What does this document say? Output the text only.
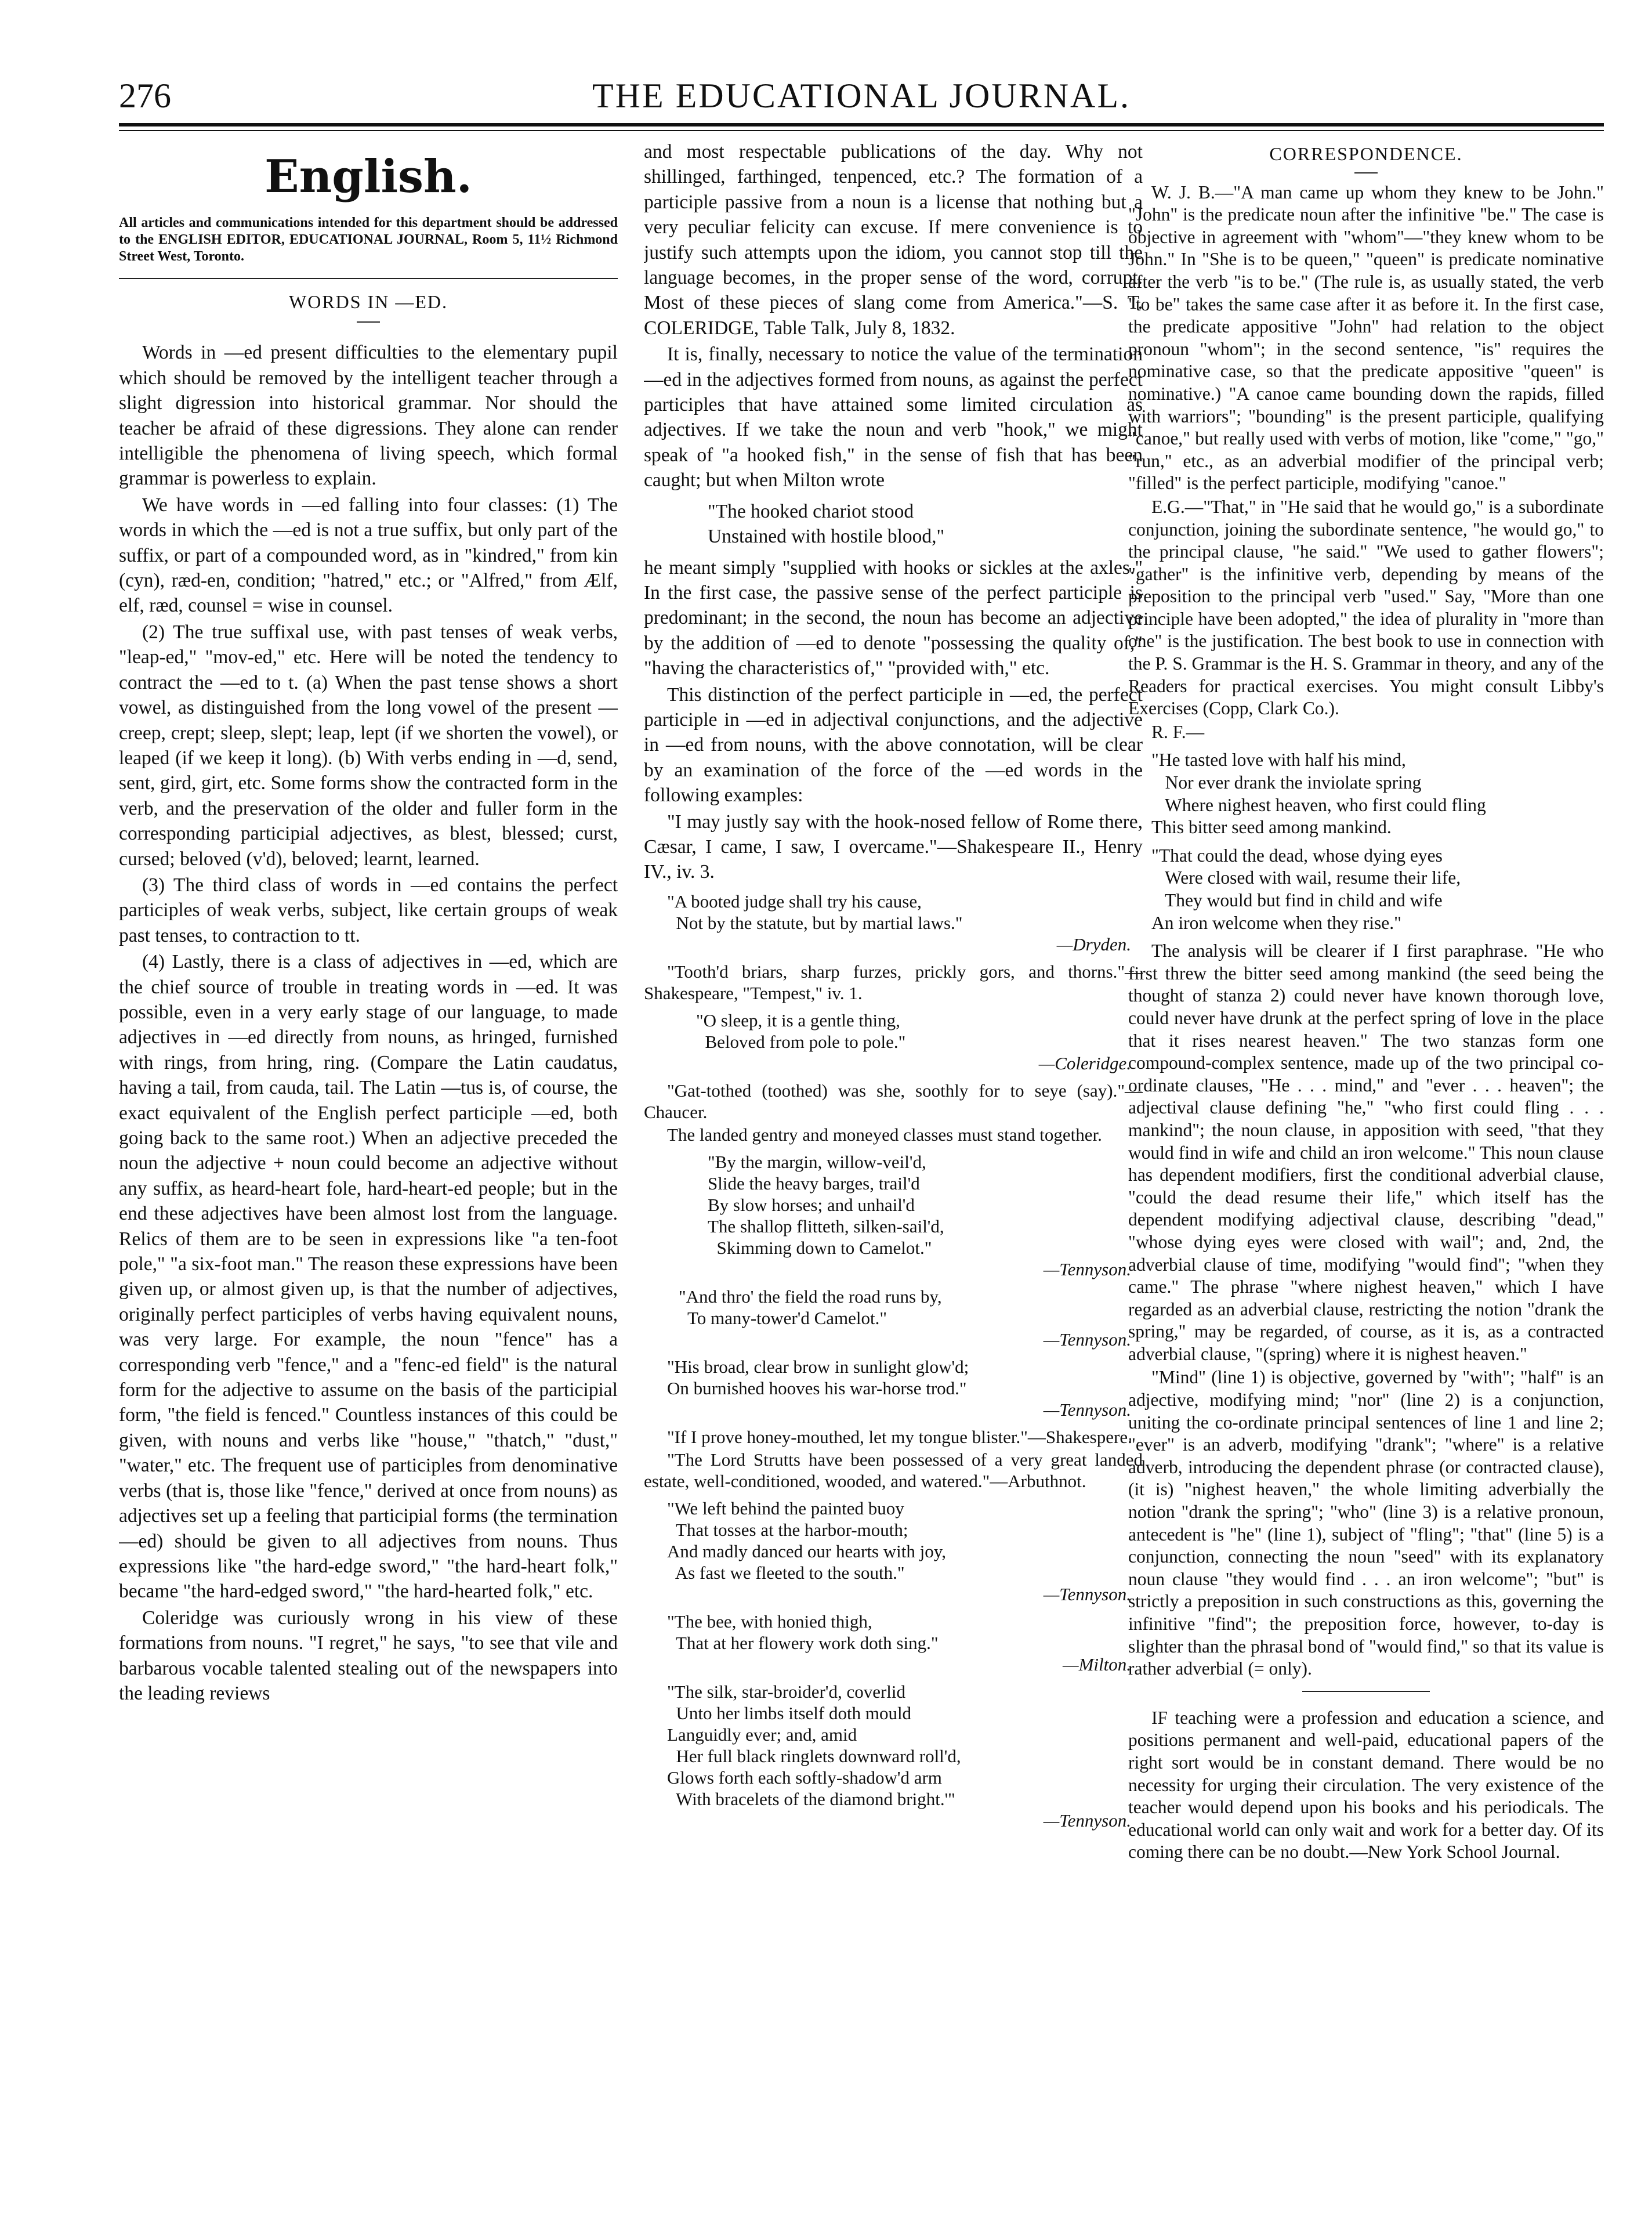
276	THE EDUCATIONAL JOURNAL.
English.

All articles and communications intended for this department should be addressed to the ENGLISH EDITOR, EDUCATIONAL JOURNAL, Room 5, 11½ Richmond Street West, Toronto.

WORDS IN —ED.

Words in —ed present difficulties to the elementary pupil which should be removed by the intelligent teacher through a slight digression into historical grammar. Nor should the teacher be afraid of these digressions. They alone can render intelligible the phenomena of living speech, which formal grammar is powerless to explain.

We have words in —ed falling into four classes: (1) The words in which the —ed is not a true suffix, but only part of the suffix, or part of a compounded word, as in "kindred," from kin (cyn), ræd-en, condition; "hatred," etc.; or "Alfred," from Ælf, elf, ræd, counsel = wise in counsel.

(2) The true suffixal use, with past tenses of weak verbs, "leap-ed," "mov-ed," etc. Here will be noted the tendency to contract the —ed to t. (a) When the past tense shows a short vowel, as distinguished from the long vowel of the present —creep, crept; sleep, slept; leap, lept (if we shorten the vowel), or leaped (if we keep it long). (b) With verbs ending in —d, send, sent, gird, girt, etc. Some forms show the contracted form in the verb, and the preservation of the older and fuller form in the corresponding participial adjectives, as blest, blessed; curst, cursed; beloved (v'd), beloved; learnt, learned.

(3) The third class of words in —ed contains the perfect participles of weak verbs, subject, like certain groups of weak past tenses, to contraction to tt.

(4) Lastly, there is a class of adjectives in —ed, which are the chief source of trouble in treating words in —ed. It was possible, even in a very early stage of our language, to made adjectives in —ed directly from nouns, as hringed, furnished with rings, from hring, ring. (Compare the Latin caudatus, having a tail, from cauda, tail. The Latin —tus is, of course, the exact equivalent of the English perfect participle —ed, both going back to the same root.) When an adjective preceded the noun the adjective + noun could become an adjective without any suffix, as heard-heart fole, hard-heart-ed people; but in the end these adjectives have been almost lost from the language. Relics of them are to be seen in expressions like "a ten-foot pole," "a six-foot man." The reason these expressions have been given up, or almost given up, is that the number of adjectives, originally perfect participles of verbs having equivalent nouns, was very large. For example, the noun "fence" has a corresponding verb "fence," and a "fenc-ed field" is the natural form for the adjective to assume on the basis of the participial form, "the field is fenced." Countless instances of this could be given, with nouns and verbs like "house," "thatch," "dust," "water," etc. The frequent use of participles from denominative verbs (that is, those like "fence," derived at once from nouns) as adjectives set up a feeling that participial forms (the termination —ed) should be given to all adjectives from nouns. Thus expressions like "the hard-edge sword," "the hard-heart folk," became "the hard-edged sword," "the hard-hearted folk," etc.

Coleridge was curiously wrong in his view of these formations from nouns. "I regret," he says, "to see that vile and barbarous vocable talented stealing out of the newspapers into the leading reviews

and most respectable publications of the day. Why not shillinged, farthinged, tenpenced, etc.? The formation of a participle passive from a noun is a license that nothing but a very peculiar felicity can excuse. If mere convenience is to justify such attempts upon the idiom, you cannot stop till the language becomes, in the proper sense of the word, corrupt. Most of these pieces of slang come from America."—S. T. COLERIDGE, Table Talk, July 8, 1832.

It is, finally, necessary to notice the value of the termination —ed in the adjectives formed from nouns, as against the perfect participles that have attained some limited circulation as adjectives. If we take the noun and verb "hook," we might speak of "a hooked fish," in the sense of fish that has been caught; but when Milton wrote

"The hooked chariot stood
Unstained with hostile blood,"

he meant simply "supplied with hooks or sickles at the axles." In the first case, the passive sense of the perfect participle is predominant; in the second, the noun has become an adjective by the addition of —ed to denote "possessing the quality of," "having the characteristics of," "provided with," etc.

This distinction of the perfect participle in —ed, the perfect participle in —ed in adjectival conjunctions, and the adjective in —ed from nouns, with the above connotation, will be clear by an examination of the force of the —ed words in the following examples:

"I may justly say with the hook-nosed fellow of Rome there, Cæsar, I came, I saw, I overcame."—Shakespeare II., Henry IV., iv. 3.

"A booted judge shall try his cause,
Not by the statute, but by martial laws."
—Dryden.

"Tooth'd briars, sharp furzes, prickly gors, and thorns."—Shakespeare, "Tempest," iv. 1.

"O sleep, it is a gentle thing,
Beloved from pole to pole."
—Coleridge.

"Gat-tothed (toothed) was she, soothly for to seye (say)."—Chaucer.

The landed gentry and moneyed classes must stand together.

"By the margin, willow-veil'd,
Slide the heavy barges, trail'd
By slow horses; and unhail'd
The shallop flitteth, silken-sail'd,
Skimming down to Camelot."
—Tennyson.
"And thro' the field the road runs by,
To many-tower'd Camelot."
—Tennyson.
"His broad, clear brow in sunlight glow'd;
On burnished hooves his war-horse trod."
—Tennyson.

"If I prove honey-mouthed, let my tongue blister."—Shakespere.

"The Lord Strutts have been possessed of a very great landed estate, well-conditioned, wooded, and watered."—Arbuthnot.

"We left behind the painted buoy
That tosses at the harbor-mouth;
And madly danced our hearts with joy,
As fast we fleeted to the south."
—Tennyson.
"The bee, with honied thigh,
That at her flowery work doth sing."
—Milton.
"The silk, star-broider'd, coverlid
Unto her limbs itself doth mould
Languidly ever; and, amid
Her full black ringlets downward roll'd,
Glows forth each softly-shadow'd arm
With bracelets of the diamond bright.'"
—Tennyson.
CORRESPONDENCE.

W. J. B.—"A man came up whom they knew to be John." "John" is the predicate noun after the infinitive "be." The case is objective in agreement with "whom"—"they knew whom to be John." In "She is to be queen," "queen" is predicate nominative after the verb "is to be." (The rule is, as usually stated, the verb "to be" takes the same case after it as before it. In the first case, the predicate appositive "John" had relation to the object pronoun "whom"; in the second sentence, "is" requires the nominative case, so that the predicate appositive "queen" is nominative.) "A canoe came bounding down the rapids, filled with warriors"; "bounding" is the present participle, qualifying "canoe," but really used with verbs of motion, like "come," "go," "run," etc., as an adverbial modifier of the principal verb; "filled" is the perfect participle, modifying "canoe."

E.G.—"That," in "He said that he would go," is a subordinate conjunction, joining the subordinate sentence, "he would go," to the principal clause, "he said." "We used to gather flowers"; "gather" is the infinitive verb, depending by means of the preposition to the principal verb "used." Say, "More than one principle have been adopted," the idea of plurality in "more than one" is the justification. The best book to use in connection with the P. S. Grammar is the H. S. Grammar in theory, and any of the Readers for practical exercises. You might consult Libby's Exercises (Copp, Clark Co.).

R. F.—

"He tasted love with half his mind,
Nor ever drank the inviolate spring
Where nighest heaven, who first could fling
This bitter seed among mankind.
"That could the dead, whose dying eyes
Were closed with wail, resume their life,
They would but find in child and wife
An iron welcome when they rise."

The analysis will be clearer if I first paraphrase. "He who first threw the bitter seed among mankind (the seed being the thought of stanza 2) could never have known thorough love, could never have drunk at the perfect spring of love in the place that it rises nearest heaven." The two stanzas form one compound-complex sentence, made up of the two principal co-ordinate clauses, "He . . . mind," and "ever . . . heaven"; the adjectival clause defining "he," "who first could fling . . . mankind"; the noun clause, in apposition with seed, "that they would find in wife and child an iron welcome." This noun clause has dependent modifiers, first the conditional adverbial clause, "could the dead resume their life," which itself has the dependent modifying adjectival clause, describing "dead," "whose dying eyes were closed with wail"; and, 2nd, the adverbial clause of time, modifying "would find"; "when they came." The phrase "where nighest heaven," which I have regarded as an adverbial clause, restricting the notion "drank the spring," may be regarded, of course, as it is, as a contracted adverbial clause, "(spring) where it is nighest heaven."

"Mind" (line 1) is objective, governed by "with"; "half" is an adjective, modifying mind; "nor" (line 2) is a conjunction, uniting the co-ordinate principal sentences of line 1 and line 2; "ever" is an adverb, modifying "drank"; "where" is a relative adverb, introducing the dependent phrase (or contracted clause), (it is) "nighest heaven," the whole limiting adverbially the notion "drank the spring"; "who" (line 3) is a relative pronoun, antecedent is "he" (line 1), subject of "fling"; "that" (line 5) is a conjunction, connecting the noun "seed" with its explanatory noun clause "they would find . . . an iron welcome"; "but" is strictly a preposition in such constructions as this, governing the infinitive "find"; the preposition force, however, to-day is slighter than the phrasal bond of "would find," so that its value is rather adverbial (= only).

IF teaching were a profession and education a science, and positions permanent and well-paid, educational papers of the right sort would be in constant demand. There would be no necessity for urging their circulation. The very existence of the teacher would depend upon his books and his periodicals. The educational world can only wait and work for a better day. Of its coming there can be no doubt.—New York School Journal.
